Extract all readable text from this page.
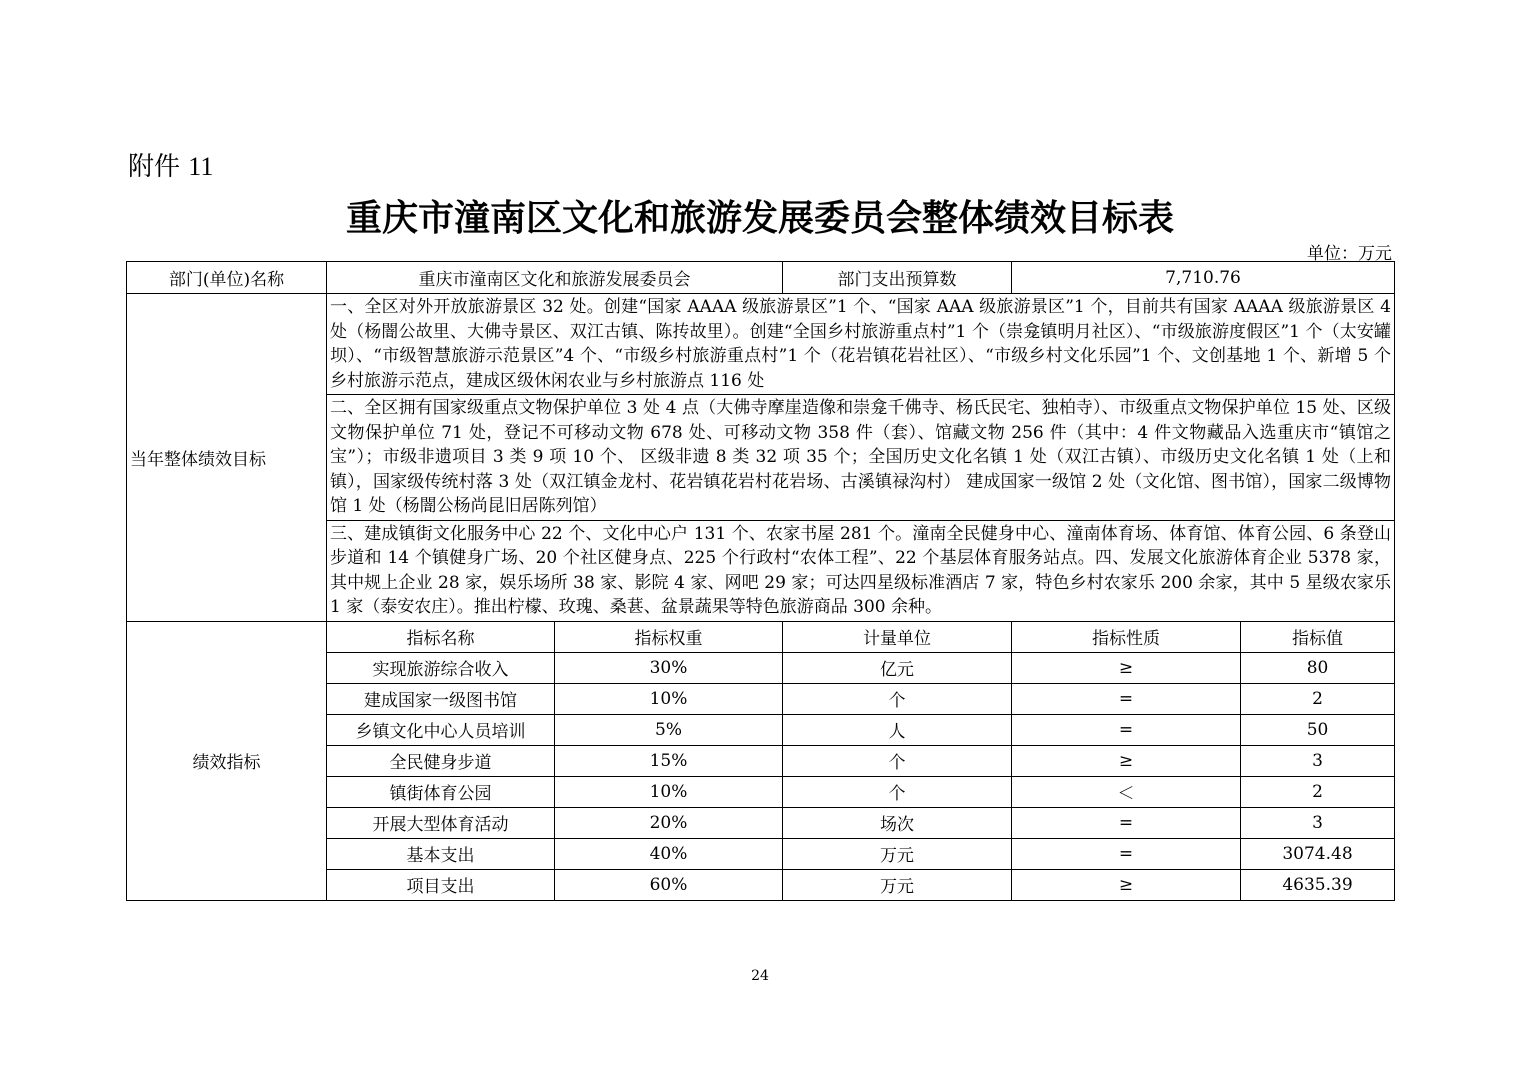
附件 11
重庆市潼南区文化和旅游发展委员会整体绩效目标表
单位：万元
部门(单位)名称	重庆市潼南区文化和旅游发展委员会		部门支出预算数	7,710.76	
当年整体绩效目标	一、全区对外开放旅游景区 32 处。创建“国家 AAAA 级旅游景区”1 个、“国家 AAA 级旅游景区”1 个，目前共有国家 AAAA 级旅游景区 4 处（杨闇公故里、大佛寺景区、双江古镇、陈抟故里）。创建“全国乡村旅游重点村”1 个（崇龛镇明月社区）、“市级旅游度假区”1 个（太安罐坝）、“市级智慧旅游示范景区”4 个、“市级乡村旅游重点村”1 个（花岩镇花岩社区）、“市级乡村文化乐园”1 个、文创基地 1 个、新增 5 个乡村旅游示范点，建成区级休闲农业与乡村旅游点 116 处				
	二、全区拥有国家级重点文物保护单位 3 处 4 点（大佛寺摩崖造像和崇龛千佛寺、杨氏民宅、独柏寺）、市级重点文物保护单位 15 处、区级文物保护单位 71 处，登记不可移动文物 678 处、可移动文物 358 件（套）、馆藏文物 256 件（其中：4 件文物藏品入选重庆市“镇馆之宝”）；市级非遗项目 3 类 9 项 10 个、 区级非遗 8 类 32 项 35 个；全国历史文化名镇 1 处（双江古镇）、市级历史文化名镇 1 处（上和镇），国家级传统村落 3 处（双江镇金龙村、花岩镇花岩村花岩场、古溪镇禄沟村） 建成国家一级馆 2 处（文化馆、图书馆），国家二级博物馆 1 处（杨闇公杨尚昆旧居陈列馆）				
	三、建成镇街文化服务中心 22 个、文化中心户 131 个、农家书屋 281 个。潼南全民健身中心、潼南体育场、体育馆、体育公园、6 条登山步道和 14 个镇健身广场、20 个社区健身点、225 个行政村“农体工程”、22 个基层体育服务站点。四、发展文化旅游体育企业 5378 家，其中规上企业 28 家，娱乐场所 38 家、影院 4 家、网吧 29 家；可达四星级标准酒店 7 家，特色乡村农家乐 200 余家，其中 5 星级农家乐 1 家（泰安农庄）。推出柠檬、玫瑰、桑葚、盆景蔬果等特色旅游商品 300 余种。				
绩效指标	指标名称	指标权重	计量单位	指标性质	指标值
	实现旅游综合收入	30%	亿元	≥	80
	建成国家一级图书馆	10%	个	=	2
	乡镇文化中心人员培训	5%	人	=	50
	全民健身步道	15%	个	≥	3
	镇街体育公园	10%	个	＜	2
	开展大型体育活动	20%	场次	=	3
	基本支出	40%	万元	=	3074.48
	项目支出	60%	万元	≥	4635.39
24
